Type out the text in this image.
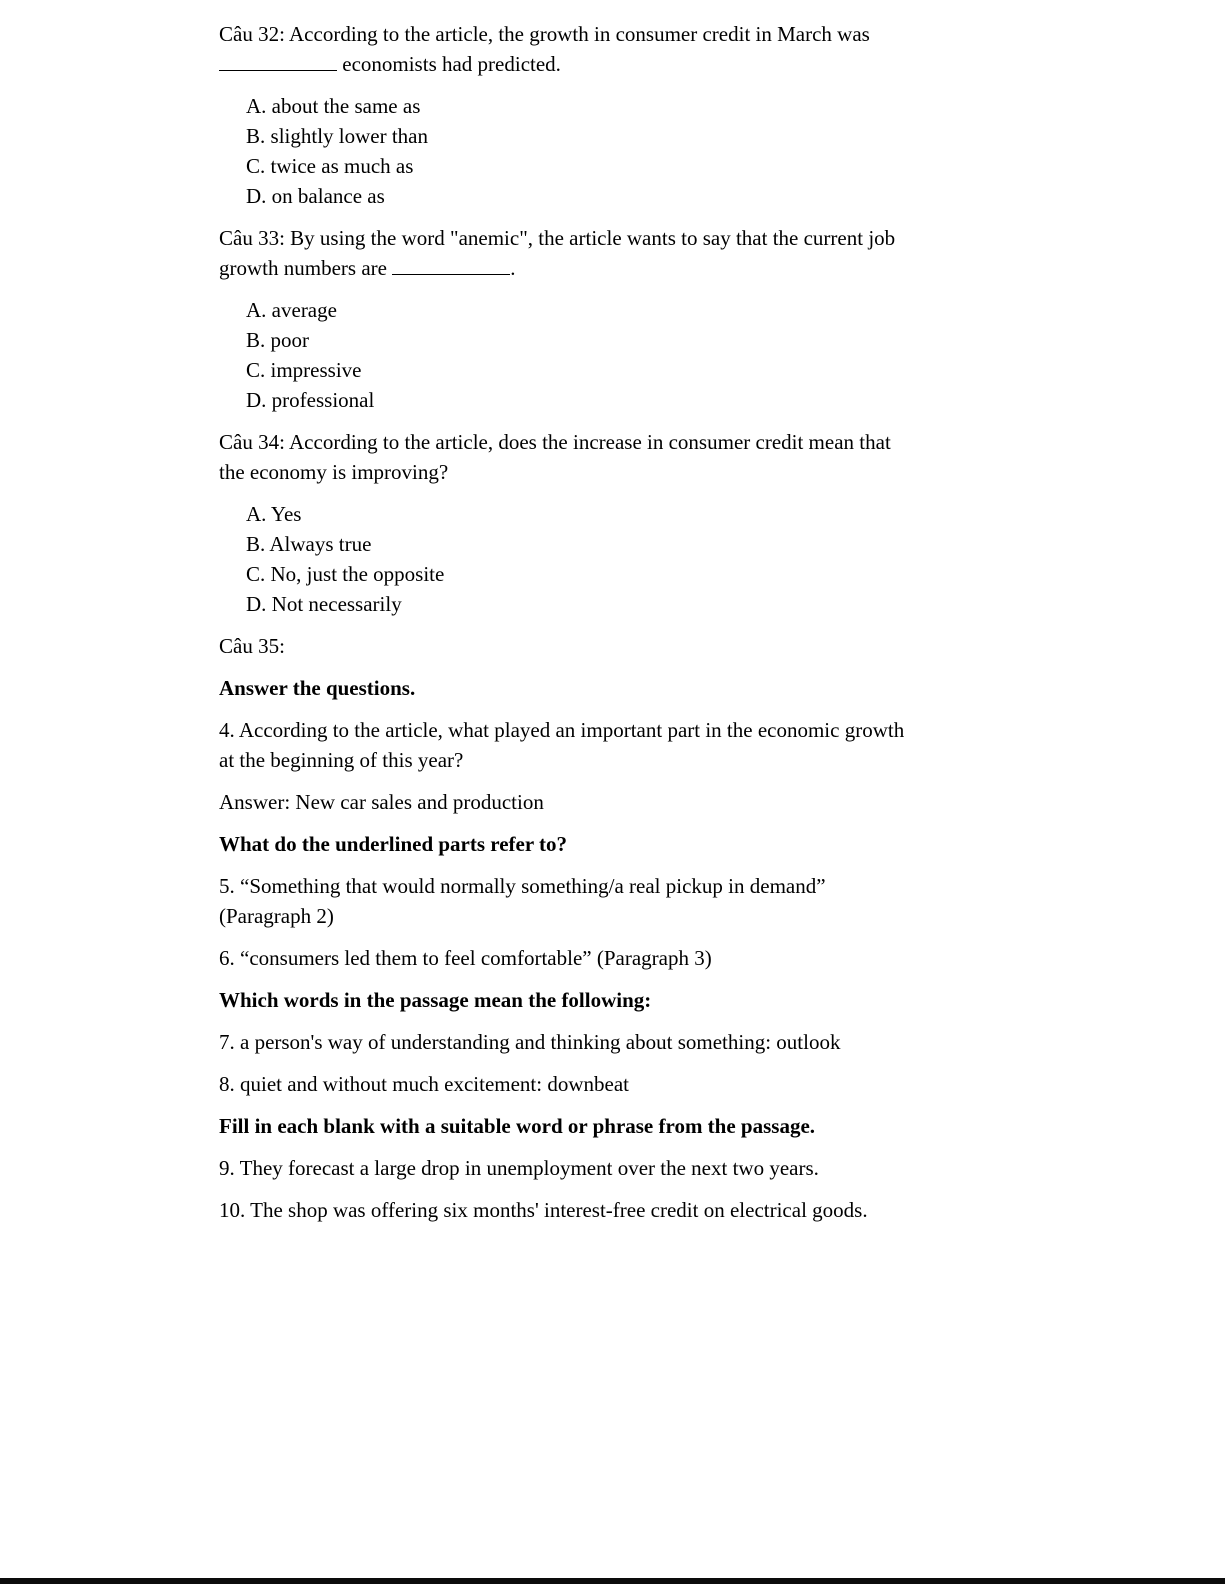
Câu 32: According to the article, the growth in consumer credit in March was
economists had predicted.

A. about the same as
B. slightly lower than
C. twice as much as
D. on balance as

Câu 33: By using the word "anemic", the article wants to say that the current job
growth numbers are	.

A. average
B. poor
C. impressive
D. professional

Câu 34: According to the article, does the increase in consumer credit mean that
the economy is improving?

A. Yes
B. Always true
C. No, just the opposite
D. Not necessarily

Câu 35:

Answer the questions.

4. According to the article, what played an important part in the economic growth
at the beginning of this year?

Answer: New car sales and production

What do the underlined parts refer to?

5. “Something that would normally something/a real pickup in demand”
(Paragraph 2)

6. “consumers led them to feel comfortable” (Paragraph 3)

Which words in the passage mean the following:

7. a person's way of understanding and thinking about something: outlook

8. quiet and without much excitement: downbeat

Fill in each blank with a suitable word or phrase from the passage.

9. They forecast a large drop in unemployment over the next two years.

10. The shop was offering six months' interest-free credit on electrical goods.
